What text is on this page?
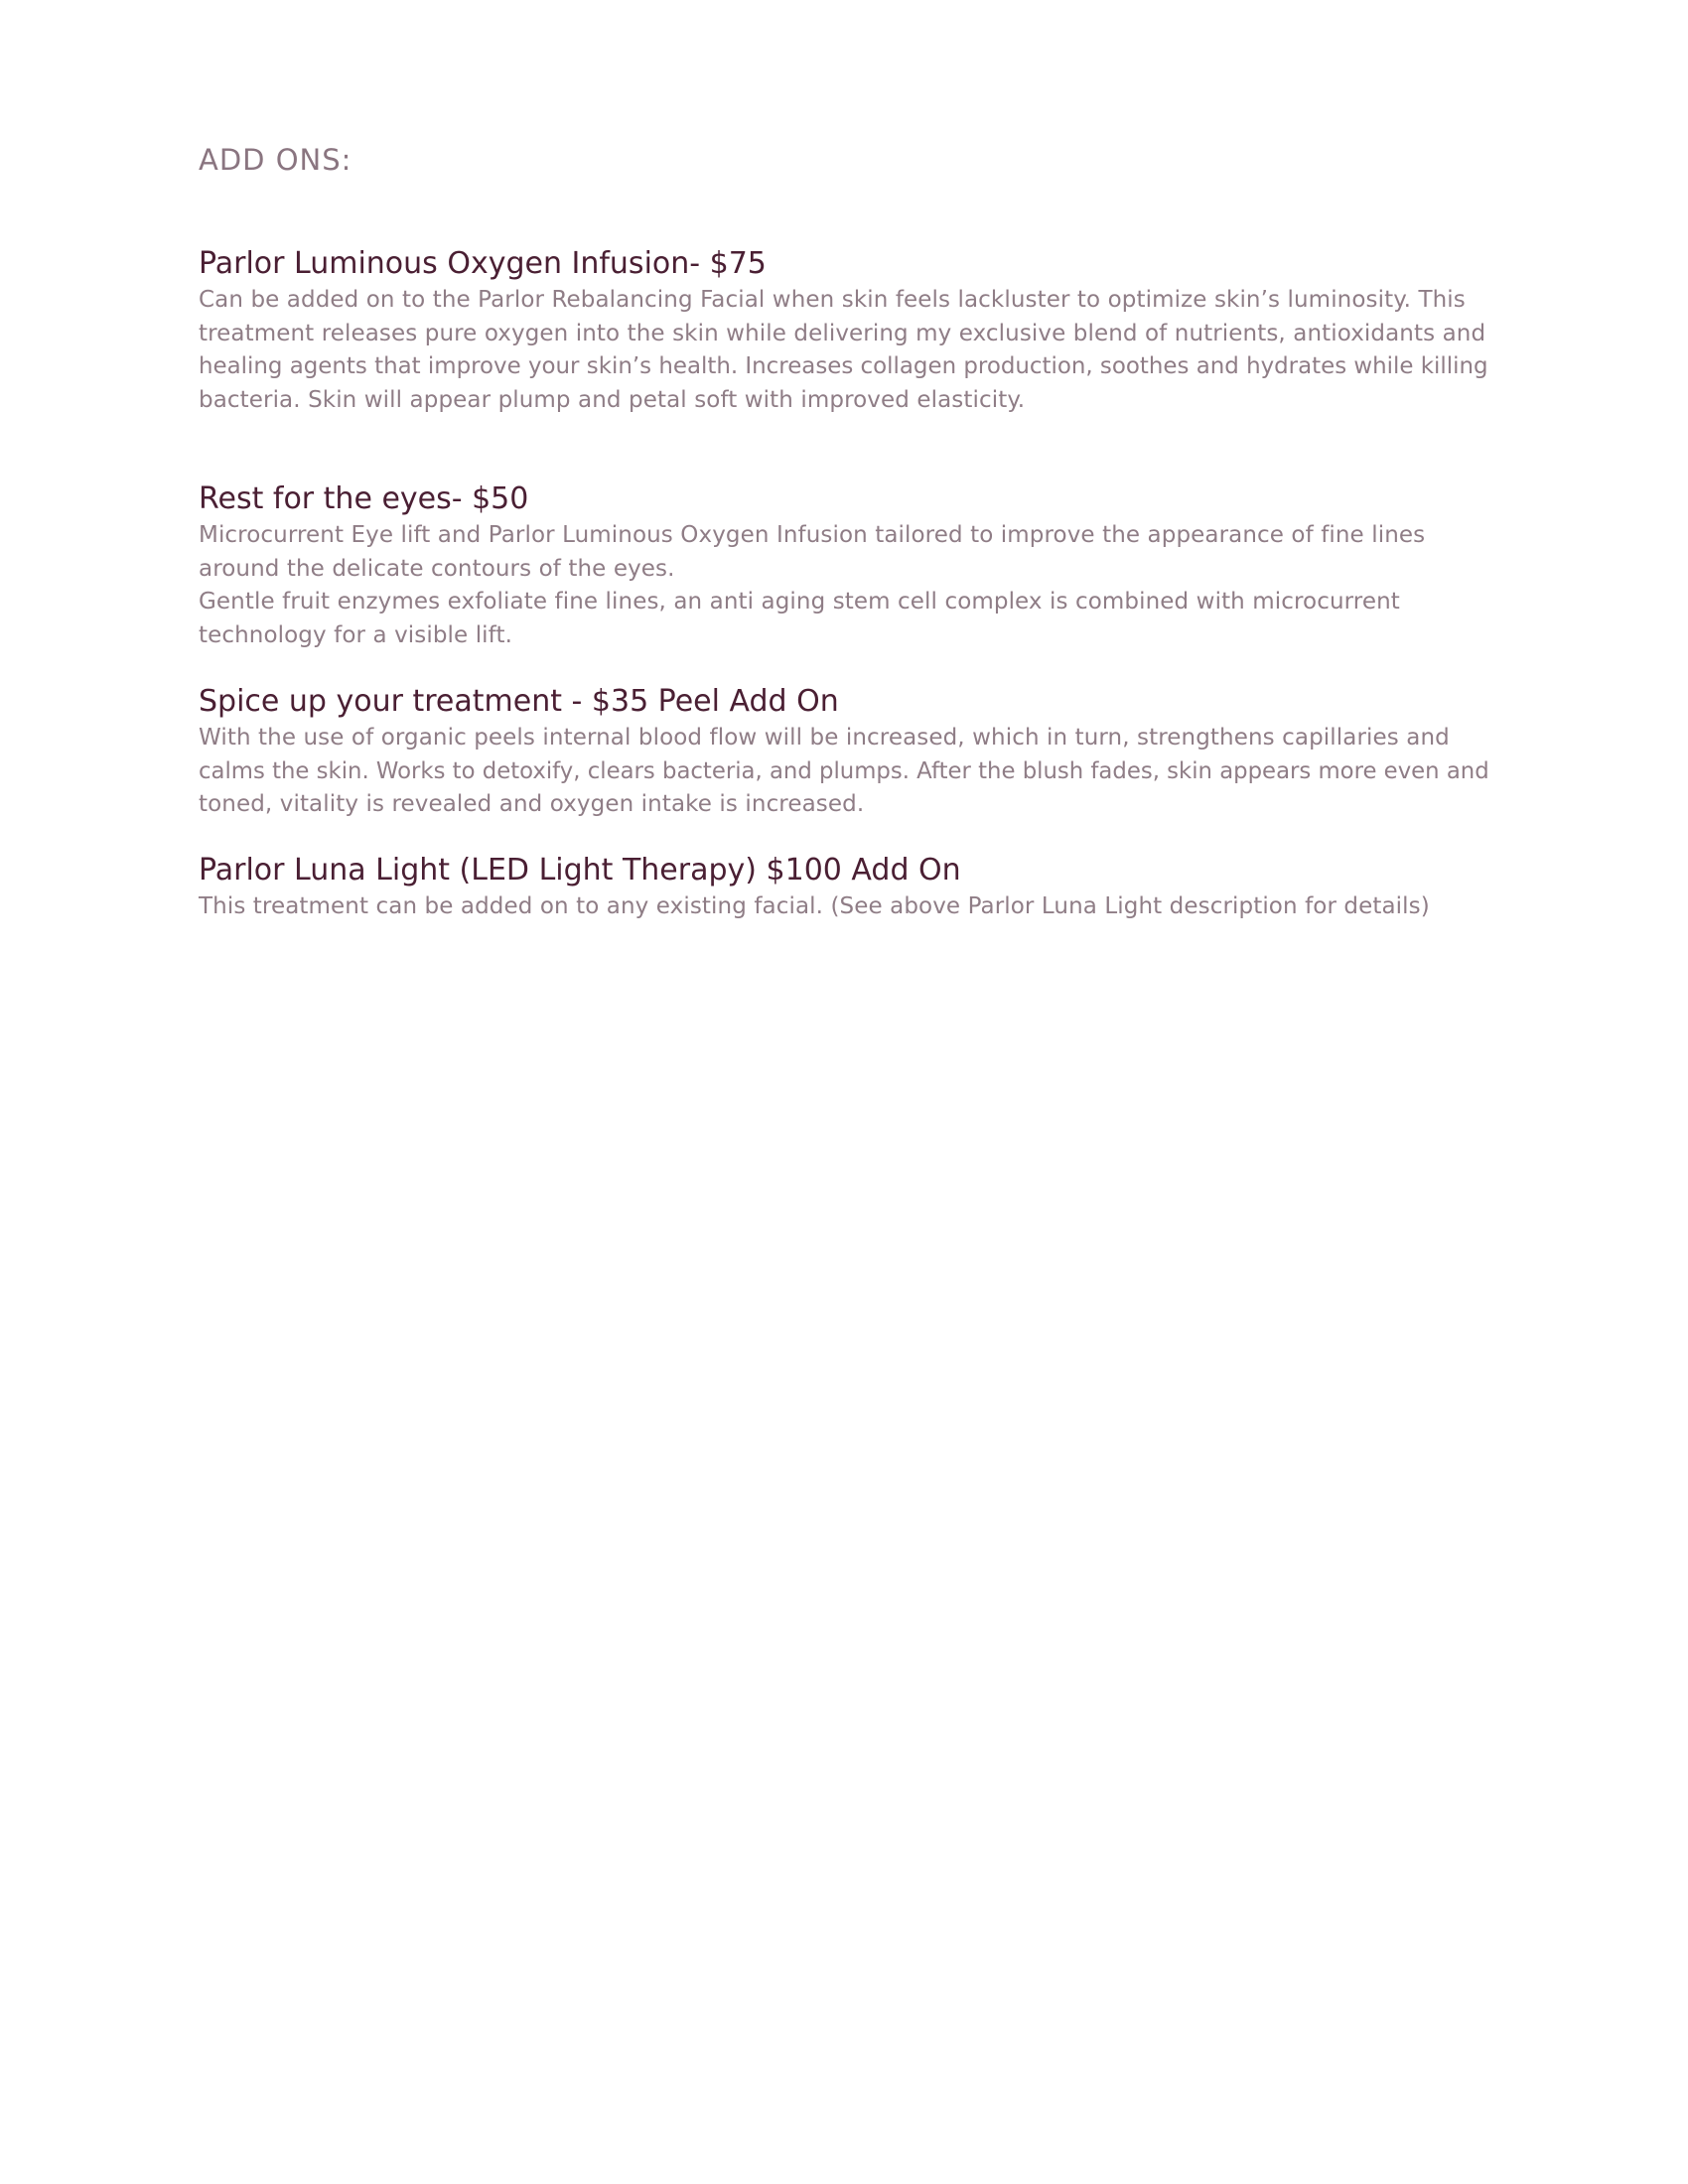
ADD ONS:
Parlor Luminous Oxygen Infusion- $75

Can be added on to the Parlor Rebalancing Facial when skin feels lackluster to optimize skin’s luminosity. This
treatment releases pure oxygen into the skin while delivering my exclusive blend of nutrients, antioxidants and
healing agents that improve your skin’s health. Increases collagen production, soothes and hydrates while killing
bacteria. Skin will appear plump and petal soft with improved elasticity.

Rest for the eyes- $50

Microcurrent Eye lift and Parlor Luminous Oxygen Infusion tailored to improve the appearance of fine lines
around the delicate contours of the eyes.
Gentle fruit enzymes exfoliate fine lines, an anti aging stem cell complex is combined with microcurrent
technology for a visible lift.

Spice up your treatment - $35 Peel Add On

With the use of organic peels internal blood flow will be increased, which in turn, strengthens capillaries and
calms the skin. Works to detoxify, clears bacteria, and plumps. After the blush fades, skin appears more even and
toned, vitality is revealed and oxygen intake is increased.

Parlor Luna Light (LED Light Therapy) $100 Add On

This treatment can be added on to any existing facial. (See above Parlor Luna Light description for details)
